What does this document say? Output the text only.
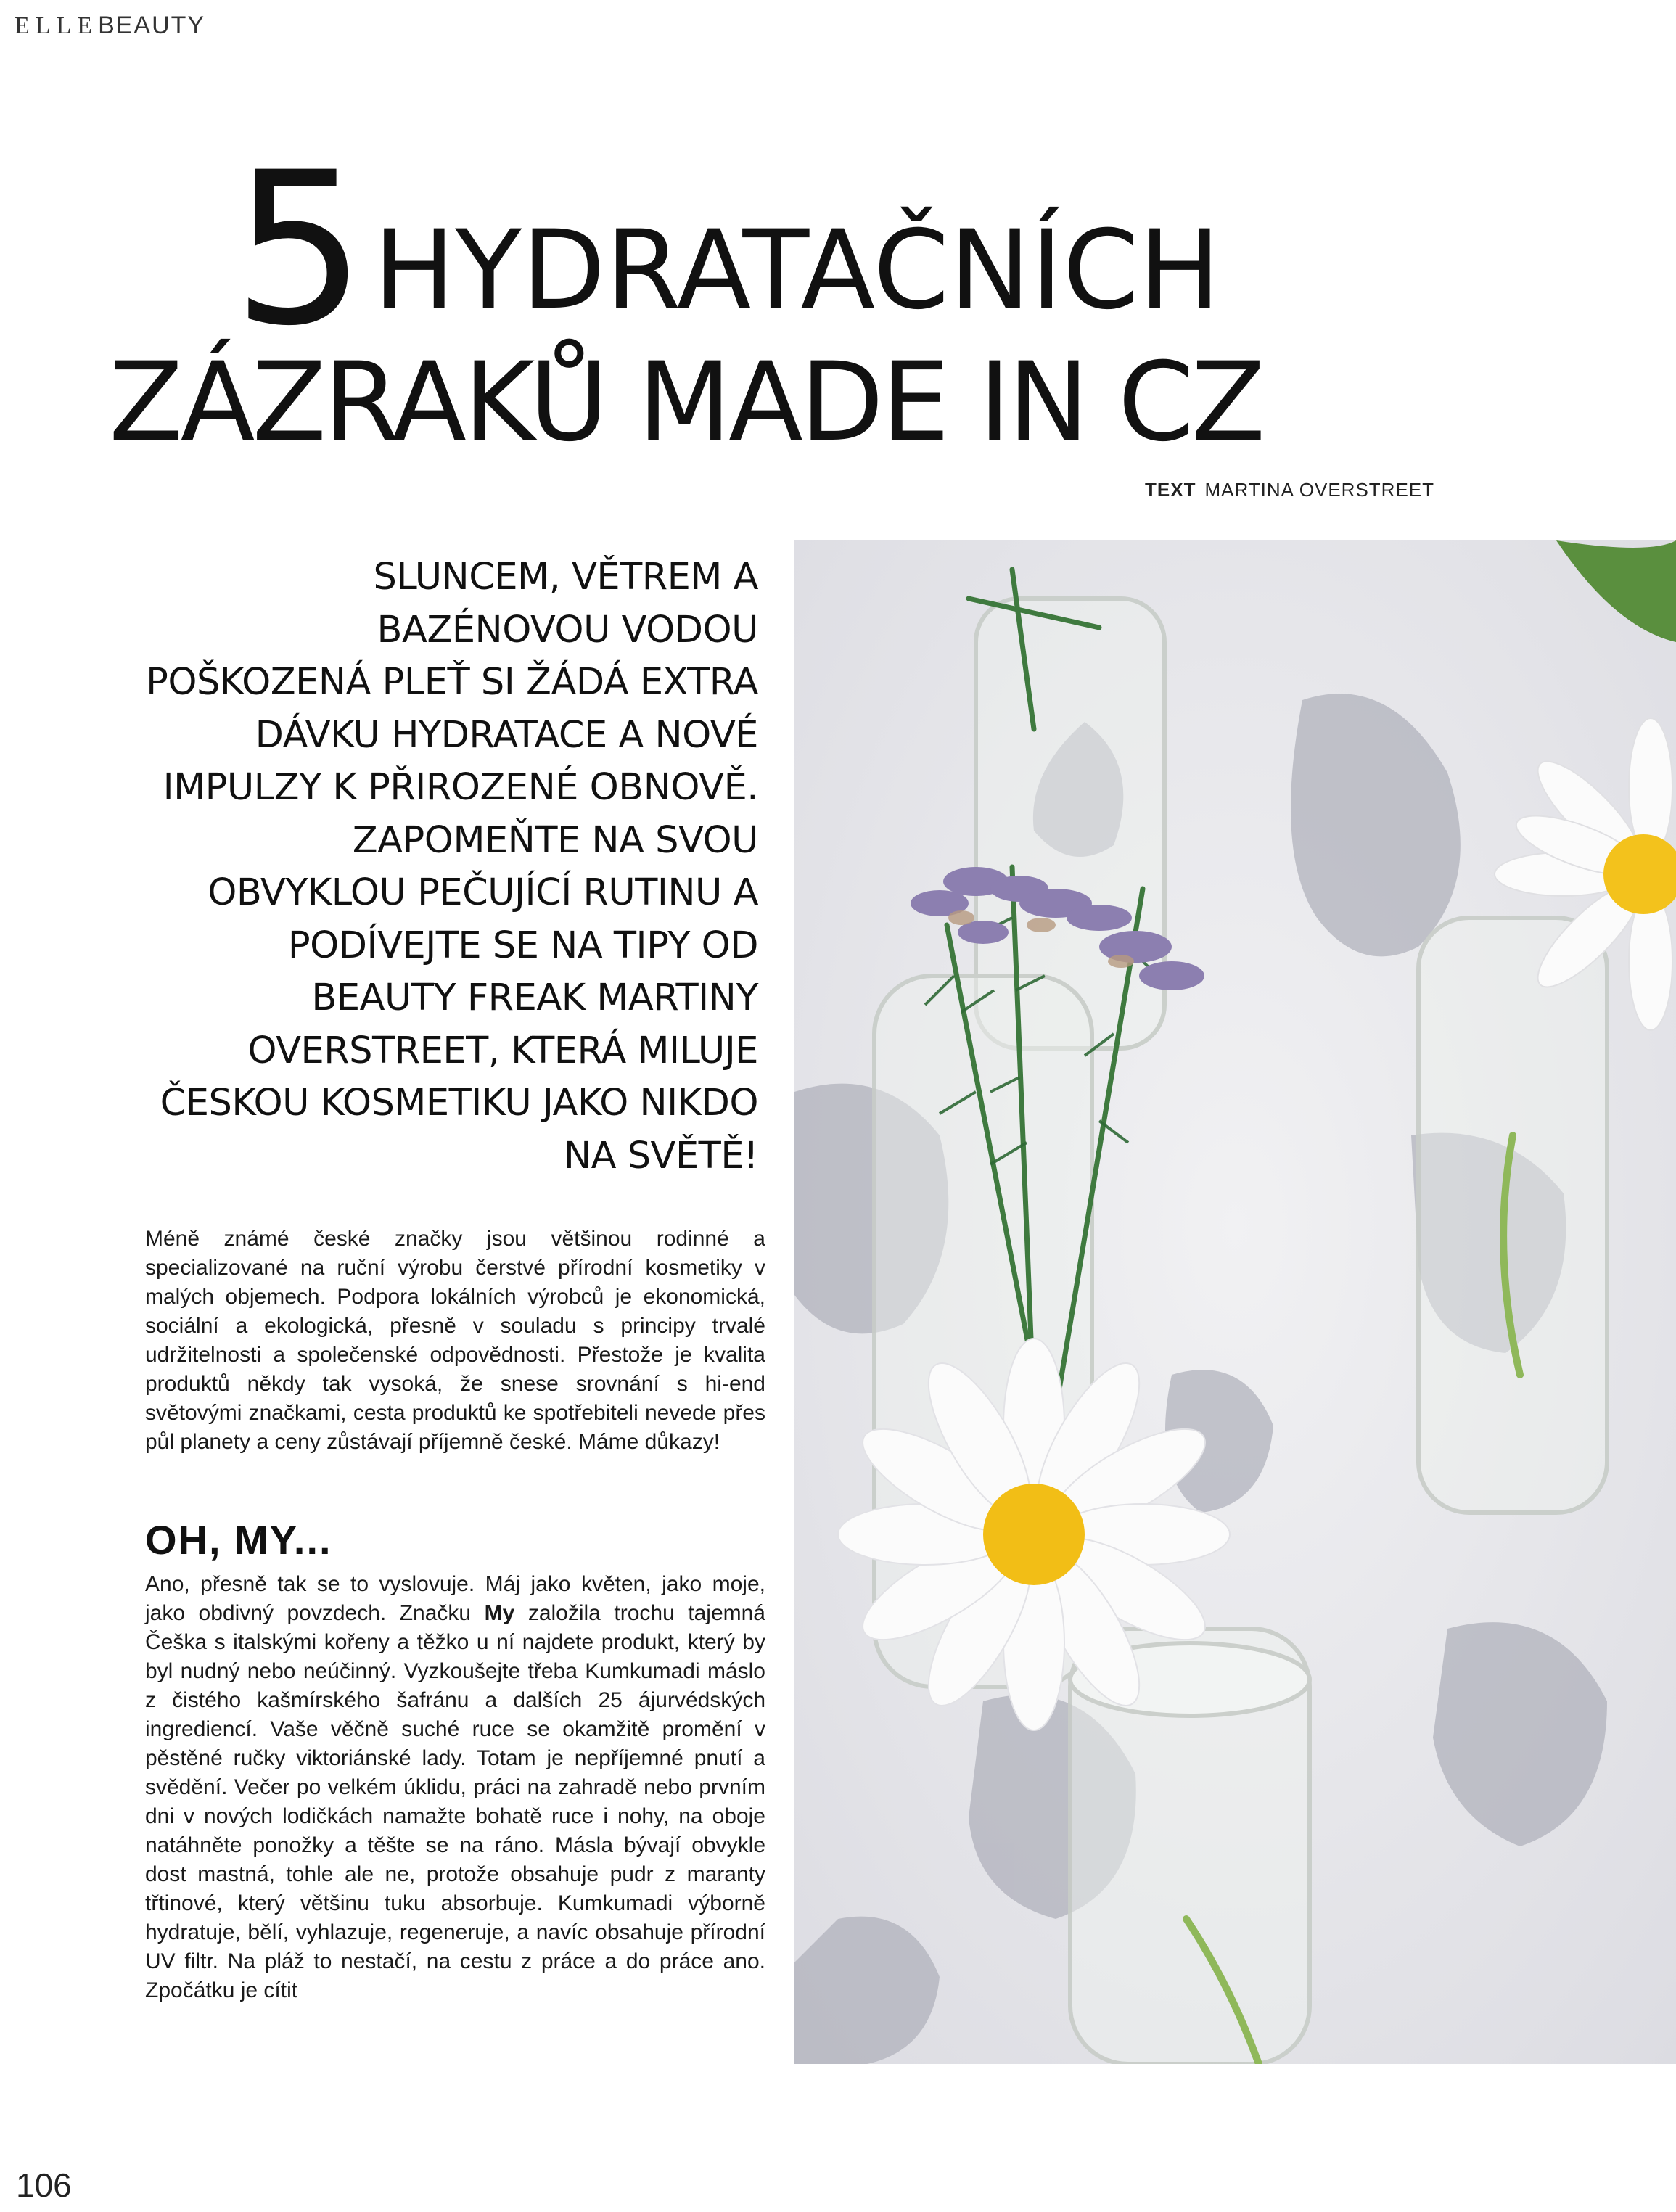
ELLEBEAUTY
5 HYDRATAČNÍCH
ZÁZRAKŮ MADE IN CZ
TEXT MARTINA OVERSTREET
SLUNCEM, VĚTREM A BAZÉNOVOU VODOU POŠKOZENÁ PLEŤ SI ŽÁDÁ EXTRA DÁVKU HYDRATACE A NOVÉ IMPULZY K PŘIROZENÉ OBNOVĚ. ZAPOMEŇTE NA SVOU OBVYKLOU PEČUJÍCÍ RUTINU A PODÍVEJTE SE NA TIPY OD BEAUTY FREAK MARTINY OVERSTREET, KTERÁ MILUJE ČESKOU KOSMETIKU JAKO NIKDO NA SVĚTĚ!
Méně známé české značky jsou většinou rodinné a specializované na ruční výrobu čerstvé přírodní kosmetiky v malých objemech. Podpora lokálních výrobců je ekonomická, sociální a ekologická, přesně v souladu s principy trvalé udržitelnosti a společenské odpovědnosti. Přestože je kvalita produktů někdy tak vysoká, že snese srovnání s hi-end světovými značkami, cesta produktů ke spotřebiteli nevede přes půl planety a ceny zůstávají příjemně české. Máme důkazy!
OH, MY...
Ano, přesně tak se to vyslovuje. Máj jako květen, jako moje, jako obdivný povzdech. Značku My založila trochu tajemná Češka s italskými kořeny a těžko u ní najdete produkt, který by byl nudný nebo neúčinný. Vyzkoušejte třeba Kumkumadi máslo z čistého kašmírského šafránu a dalších 25 ájurvédských ingrediencí. Vaše věčně suché ruce se okamžitě promění v pěstěné ručky viktoriánské lady. Totam je nepříjemné pnutí a svědění. Večer po velkém úklidu, práci na zahradě nebo prvním dni v nových lodičkách namažte bohatě ruce i nohy, na oboje natáhněte ponožky a těšte se na ráno. Másla bývají obvykle dost mastná, tohle ale ne, protože obsahuje pudr z maranty třtinové, který většinu tuku absorbuje. Kumkumadi výborně hydratuje, bělí, vyhlazuje, regeneruje, a navíc obsahuje přírodní UV filtr. Na pláž to nestačí, na cestu z práce a do práce ano. Zpočátku je cítit
106
